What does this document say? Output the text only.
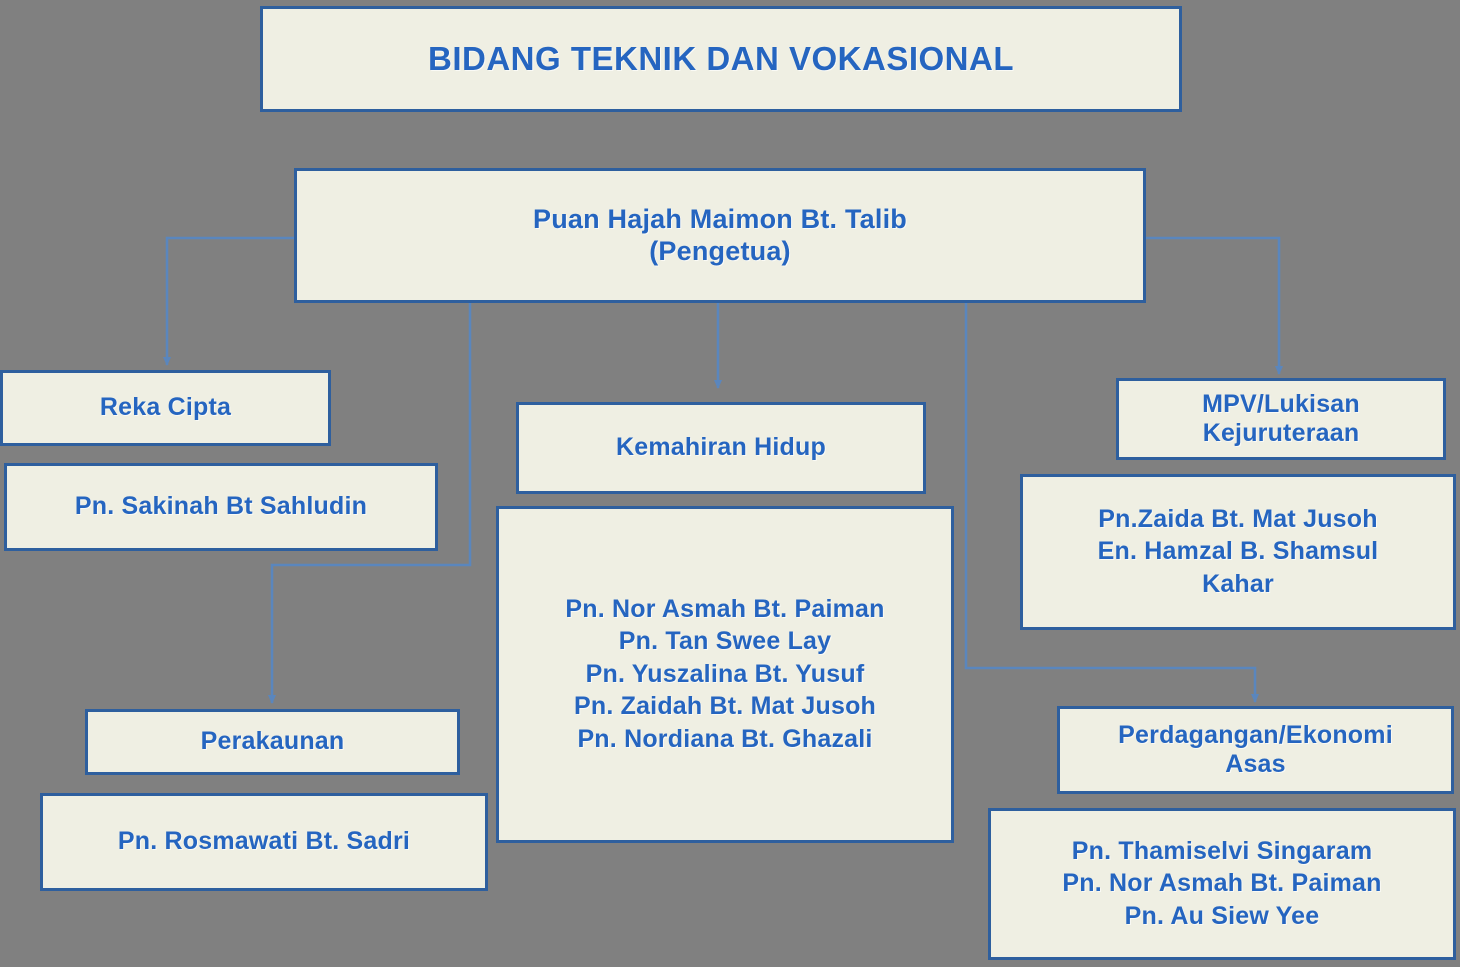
BIDANG TEKNIK DAN VOKASIONAL
Puan Hajah Maimon Bt. Talib
(Pengetua)
Reka Cipta
Pn. Sakinah Bt Sahludin
Perakaunan
Pn. Rosmawati Bt. Sadri
Kemahiran Hidup
Pn. Nor Asmah Bt. Paiman
Pn. Tan Swee Lay
Pn. Yuszalina Bt. Yusuf
Pn. Zaidah Bt. Mat Jusoh
Pn. Nordiana Bt. Ghazali
MPV/Lukisan
Kejuruteraan
Pn.Zaida Bt. Mat Jusoh
En. Hamzal B. Shamsul
Kahar
Perdagangan/Ekonomi
Asas
Pn. Thamiselvi Singaram
Pn. Nor Asmah Bt. Paiman
Pn. Au Siew Yee
